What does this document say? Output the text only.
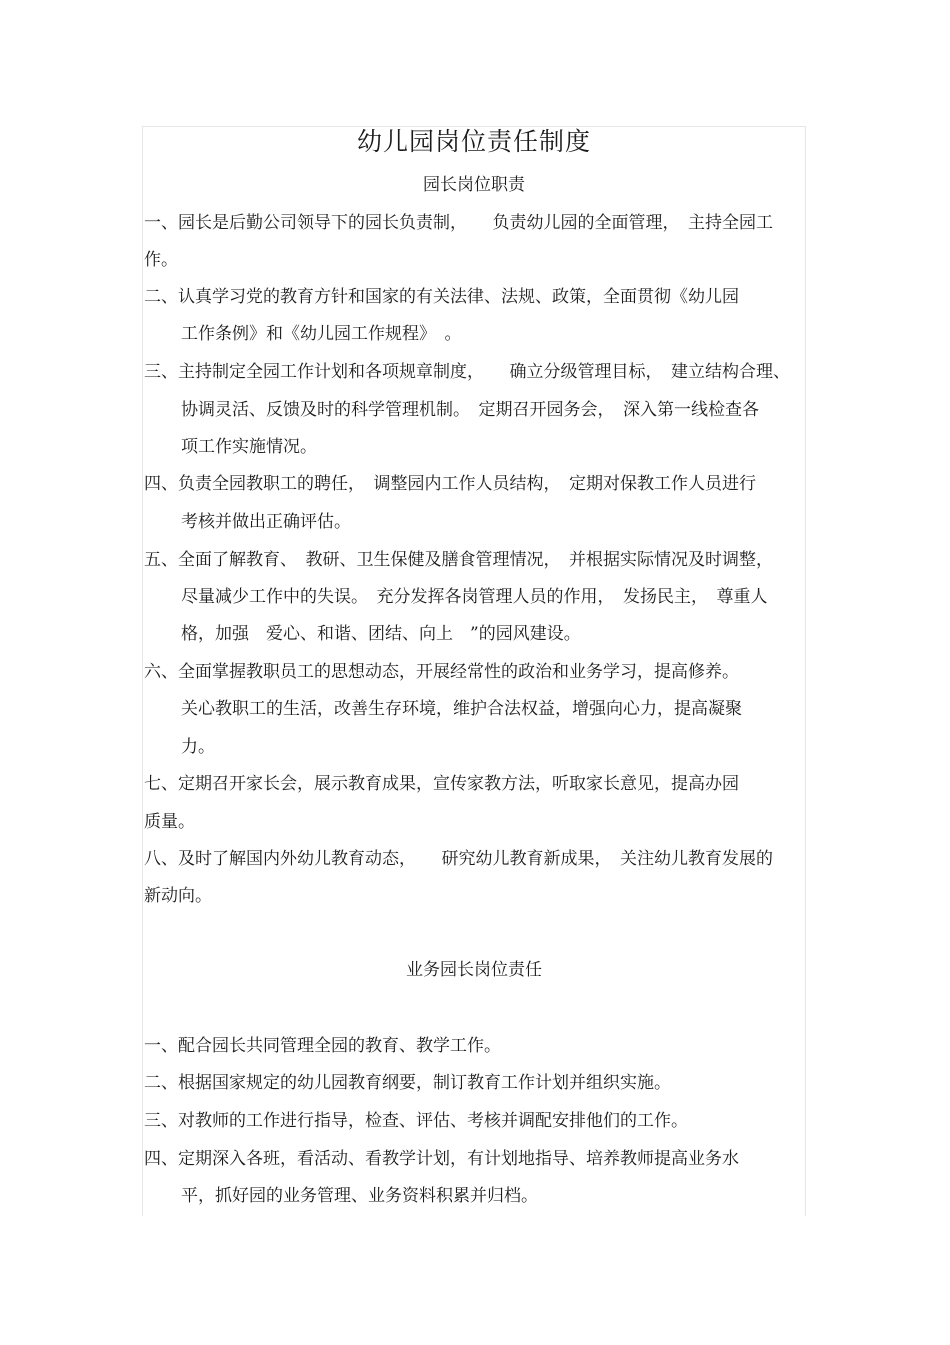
幼儿园岗位责任制度
园长岗位职责
一、园长是后勤公司领导下的园长负责制，　　负责幼儿园的全面管理，　主持全园工
作。
二、认真学习党的教育方针和国家的有关法律、法规、政策，全面贯彻《幼儿园
工作条例》和《幼儿园工作规程》　。
三、主持制定全园工作计划和各项规章制度，　　确立分级管理目标，　建立结构合理、
协调灵活、反馈及时的科学管理机制。　定期召开园务会，　深入第一线检查各
项工作实施情况。
四、负责全园教职工的聘任，　调整园内工作人员结构，　定期对保教工作人员进行
考核并做出正确评估。
五、全面了解教育、　教研、卫生保健及膳食管理情况，　并根据实际情况及时调整，
尽量减少工作中的失误。　充分发挥各岗管理人员的作用，　发扬民主，　尊重人
格，加强　爱心、和谐、团结、向上　”的园风建设。
六、全面掌握教职员工的思想动态，开展经常性的政治和业务学习，提高修养。
关心教职工的生活，改善生存环境，维护合法权益，增强向心力，提高凝聚
力。
七、定期召开家长会，展示教育成果，宣传家教方法，听取家长意见，提高办园
质量。
八、及时了解国内外幼儿教育动态，　　研究幼儿教育新成果，　关注幼儿教育发展的
新动向。
业务园长岗位责任
一、配合园长共同管理全园的教育、教学工作。
二、根据国家规定的幼儿园教育纲要，制订教育工作计划并组织实施。
三、对教师的工作进行指导，检查、评估、考核并调配安排他们的工作。
四、定期深入各班，看活动、看教学计划，有计划地指导、培养教师提高业务水
平，抓好园的业务管理、业务资料积累并归档。
